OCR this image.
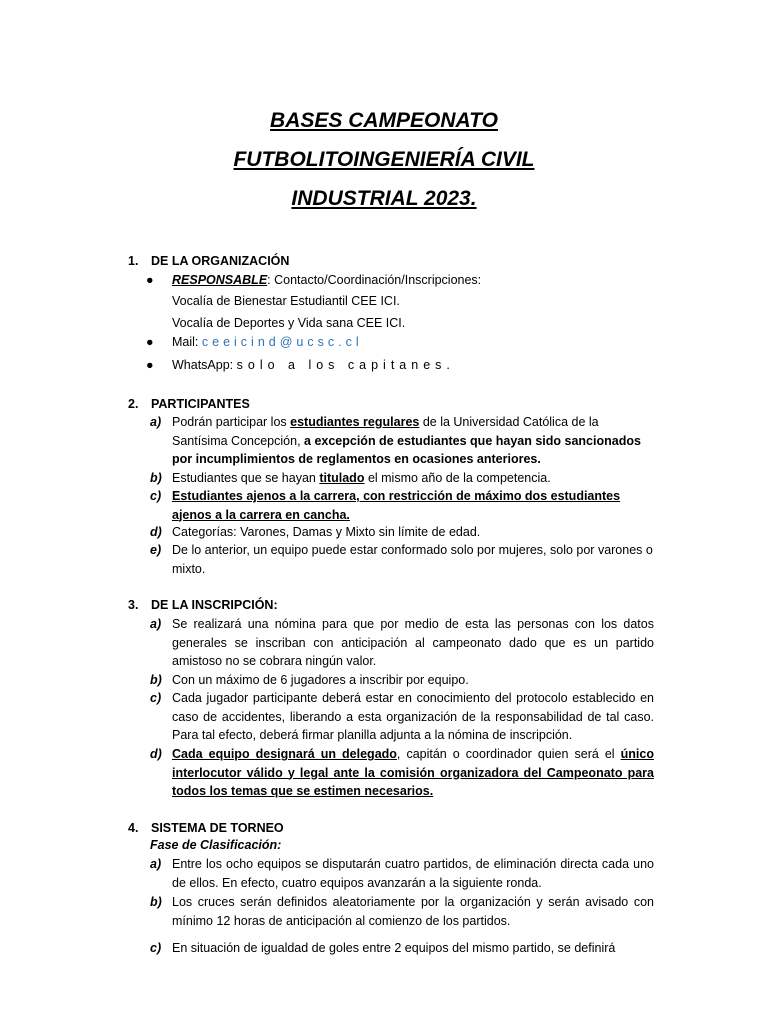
BASES CAMPEONATO
FUTBOLITOINGENIERÍA CIVIL
INDUSTRIAL 2023.
1. DE LA ORGANIZACIÓN
● RESPONSABLE: Contacto/Coordinación/Inscripciones:
Vocalía de Bienestar Estudiantil CEE ICI.
Vocalía de Deportes y Vida sana CEE ICI.
● Mail: ceeicind@ucsc.cl
● WhatsApp: solo a los capitanes.
2. PARTICIPANTES
a) Podrán participar los estudiantes regulares de la Universidad Católica de la Santísima Concepción, a excepción de estudiantes que hayan sido sancionados por incumplimientos de reglamentos en ocasiones anteriores.
b) Estudiantes que se hayan titulado el mismo año de la competencia.
c) Estudiantes ajenos a la carrera, con restricción de máximo dos estudiantes ajenos a la carrera en cancha.
d) Categorías: Varones, Damas y Mixto sin límite de edad.
e) De lo anterior, un equipo puede estar conformado solo por mujeres, solo por varones o mixto.
3. DE LA INSCRIPCIÓN:
a) Se realizará una nómina para que por medio de esta las personas con los datos generales se inscriban con anticipación al campeonato dado que es un partido amistoso no se cobrara ningún valor.
b) Con un máximo de 6 jugadores a inscribir por equipo.
c) Cada jugador participante deberá estar en conocimiento del protocolo establecido en caso de accidentes, liberando a esta organización de la responsabilidad de tal caso. Para tal efecto, deberá firmar planilla adjunta a la nómina de inscripción.
d) Cada equipo designará un delegado, capitán o coordinador quien será el único interlocutor válido y legal ante la comisión organizadora del Campeonato para todos los temas que se estimen necesarios.
4. SISTEMA DE TORNEO
Fase de Clasificación:
a) Entre los ocho equipos se disputarán cuatro partidos, de eliminación directa cada uno de ellos. En efecto, cuatro equipos avanzarán a la siguiente ronda.
b) Los cruces serán definidos aleatoriamente por la organización y serán avisado con mínimo 12 horas de anticipación al comienzo de los partidos.
c) En situación de igualdad de goles entre 2 equipos del mismo partido, se definirá
